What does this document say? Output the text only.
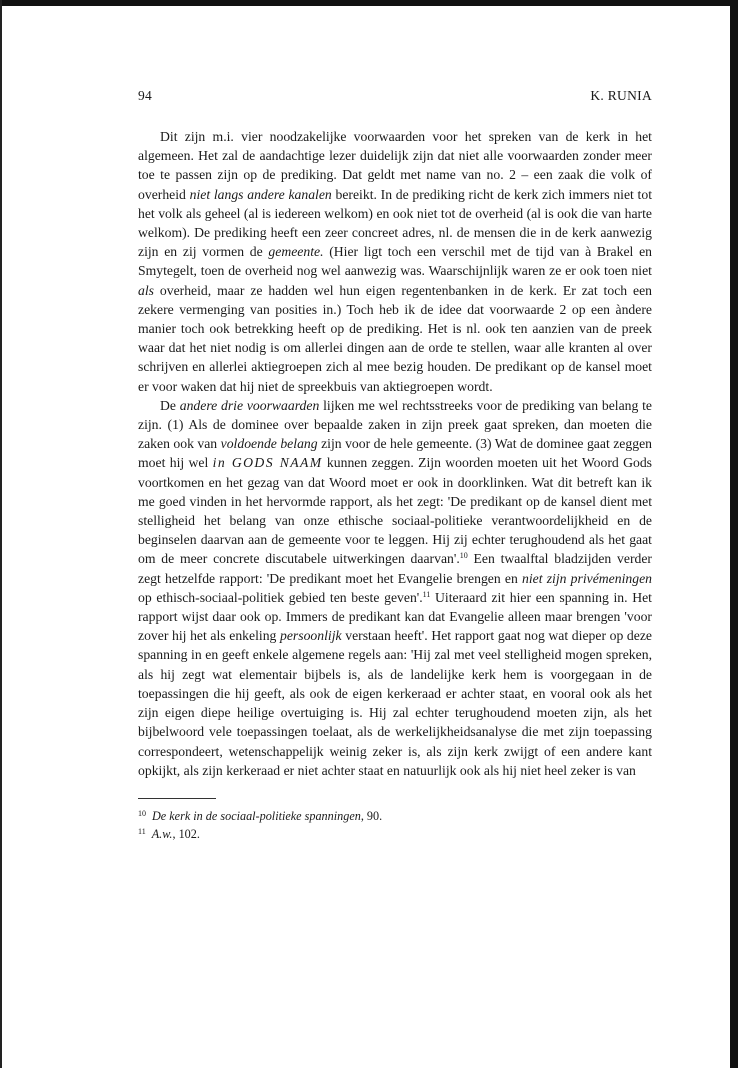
94	K. RUNIA

Dit zijn m.i. vier noodzakelijke voorwaarden voor het spreken van de kerk in het algemeen. Het zal de aandachtige lezer duidelijk zijn dat niet alle voorwaarden zonder meer toe te passen zijn op de prediking. Dat geldt met name van no. 2 – een zaak die volk of overheid niet langs andere kanalen bereikt. In de prediking richt de kerk zich immers niet tot het volk als geheel (al is iedereen welkom) en ook niet tot de overheid (al is ook die van harte welkom). De prediking heeft een zeer concreet adres, nl. de mensen die in de kerk aanwezig zijn en zij vormen de gemeente. (Hier ligt toch een verschil met de tijd van à Brakel en Smytegelt, toen de overheid nog wel aanwezig was. Waarschijnlijk waren ze er ook toen niet als overheid, maar ze hadden wel hun eigen regentenbanken in de kerk. Er zat toch een zekere vermenging van posities in.) Toch heb ik de idee dat voorwaarde 2 op een àndere manier toch ook betrekking heeft op de prediking. Het is nl. ook ten aanzien van de preek waar dat het niet nodig is om allerlei dingen aan de orde te stellen, waar alle kranten al over schrijven en allerlei aktiegroepen zich al mee bezig houden. De predikant op de kansel moet er voor waken dat hij niet de spreekbuis van aktiegroepen wordt.

De andere drie voorwaarden lijken me wel rechtsstreeks voor de prediking van belang te zijn. (1) Als de dominee over bepaalde zaken in zijn preek gaat spreken, dan moeten die zaken ook van voldoende belang zijn voor de hele gemeente. (3) Wat de dominee gaat zeggen moet hij wel in GODS NAAM kunnen zeggen. Zijn woorden moeten uit het Woord Gods voortkomen en het gezag van dat Woord moet er ook in doorklinken. Wat dit betreft kan ik me goed vinden in het hervormde rapport, als het zegt: 'De predikant op de kansel dient met stelligheid het belang van onze ethische sociaal-politieke verantwoordelijkheid en de beginselen daarvan aan de gemeente voor te leggen. Hij zij echter terughoudend als het gaat om de meer concrete discutabele uitwerkingen daarvan'.$^{10}$ Een twaalftal bladzijden verder zegt hetzelfde rapport: 'De predikant moet het Evangelie brengen en niet zijn privémeningen op ethisch-sociaal-politiek gebied ten beste geven'.$^{11}$ Uiteraard zit hier een spanning in. Het rapport wijst daar ook op. Immers de predikant kan dat Evangelie alleen maar brengen 'voor zover hij het als enkeling persoonlijk verstaan heeft'. Het rapport gaat nog wat dieper op deze spanning in en geeft enkele algemene regels aan: 'Hij zal met veel stelligheid mogen spreken, als hij zegt wat elementair bijbels is, als de landelijke kerk hem is voorgegaan in de toepassingen die hij geeft, als ook de eigen kerkeraad er achter staat, en vooral ook als het zijn eigen diepe heilige overtuiging is. Hij zal echter terughoudend moeten zijn, als het bijbelwoord vele toepassingen toelaat, als de werkelijkheidsanalyse die met zijn toepassing correspondeert, wetenschappelijk weinig zeker is, als zijn kerk zwijgt of een andere kant opkijkt, als zijn kerkeraad er niet achter staat en natuurlijk ook als hij niet heel zeker is van

$^{10}$ De kerk in de sociaal-politieke spanningen, 90.
$^{11}$ A.w., 102.
